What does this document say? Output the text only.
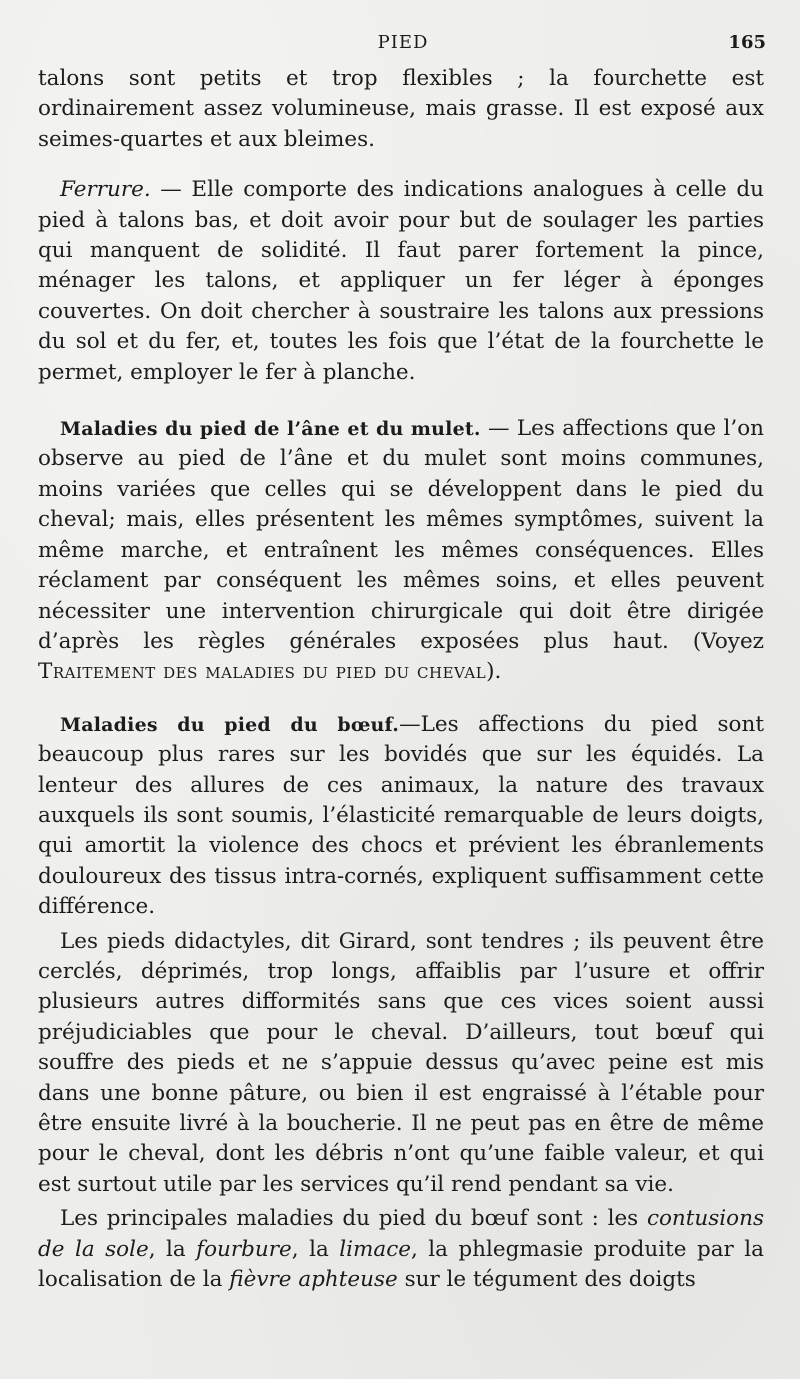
PIED	165

talons sont petits et trop flexibles ; la fourchette est ordinairement assez volumineuse, mais grasse. Il est exposé aux seimes-quartes et aux bleimes.

Ferrure. — Elle comporte des indications analogues à celle du pied à talons bas, et doit avoir pour but de soulager les parties qui manquent de solidité. Il faut parer fortement la pince, ménager les talons, et appliquer un fer léger à éponges couvertes. On doit chercher à soustraire les talons aux pressions du sol et du fer, et, toutes les fois que l’état de la fourchette le permet, employer le fer à planche.

Maladies du pied de l’âne et du mulet. — Les affections que l’on observe au pied de l’âne et du mulet sont moins communes, moins variées que celles qui se développent dans le pied du cheval; mais, elles présentent les mêmes symptômes, suivent la même marche, et entraînent les mêmes conséquences. Elles réclament par conséquent les mêmes soins, et elles peuvent nécessiter une intervention chirurgicale qui doit être dirigée d’après les règles générales exposées plus haut. (Voyez Traitement des maladies du pied du cheval).

Maladies du pied du bœuf.—Les affections du pied sont beaucoup plus rares sur les bovidés que sur les équidés. La lenteur des allures de ces animaux, la nature des travaux auxquels ils sont soumis, l’élasticité remarquable de leurs doigts, qui amortit la violence des chocs et prévient les ébranlements douloureux des tissus intra-cornés, expliquent suffisamment cette différence.

Les pieds didactyles, dit Girard, sont tendres ; ils peuvent être cerclés, déprimés, trop longs, affaiblis par l’usure et offrir plusieurs autres difformités sans que ces vices soient aussi préjudiciables que pour le cheval. D’ailleurs, tout bœuf qui souffre des pieds et ne s’appuie dessus qu’avec peine est mis dans une bonne pâture, ou bien il est engraissé à l’étable pour être ensuite livré à la boucherie. Il ne peut pas en être de même pour le cheval, dont les débris n’ont qu’une faible valeur, et qui est surtout utile par les services qu’il rend pendant sa vie.

Les principales maladies du pied du bœuf sont : les contusions de la sole, la fourbure, la limace, la phlegmasie produite par la localisation de la fièvre aphteuse sur le tégument des doigts
